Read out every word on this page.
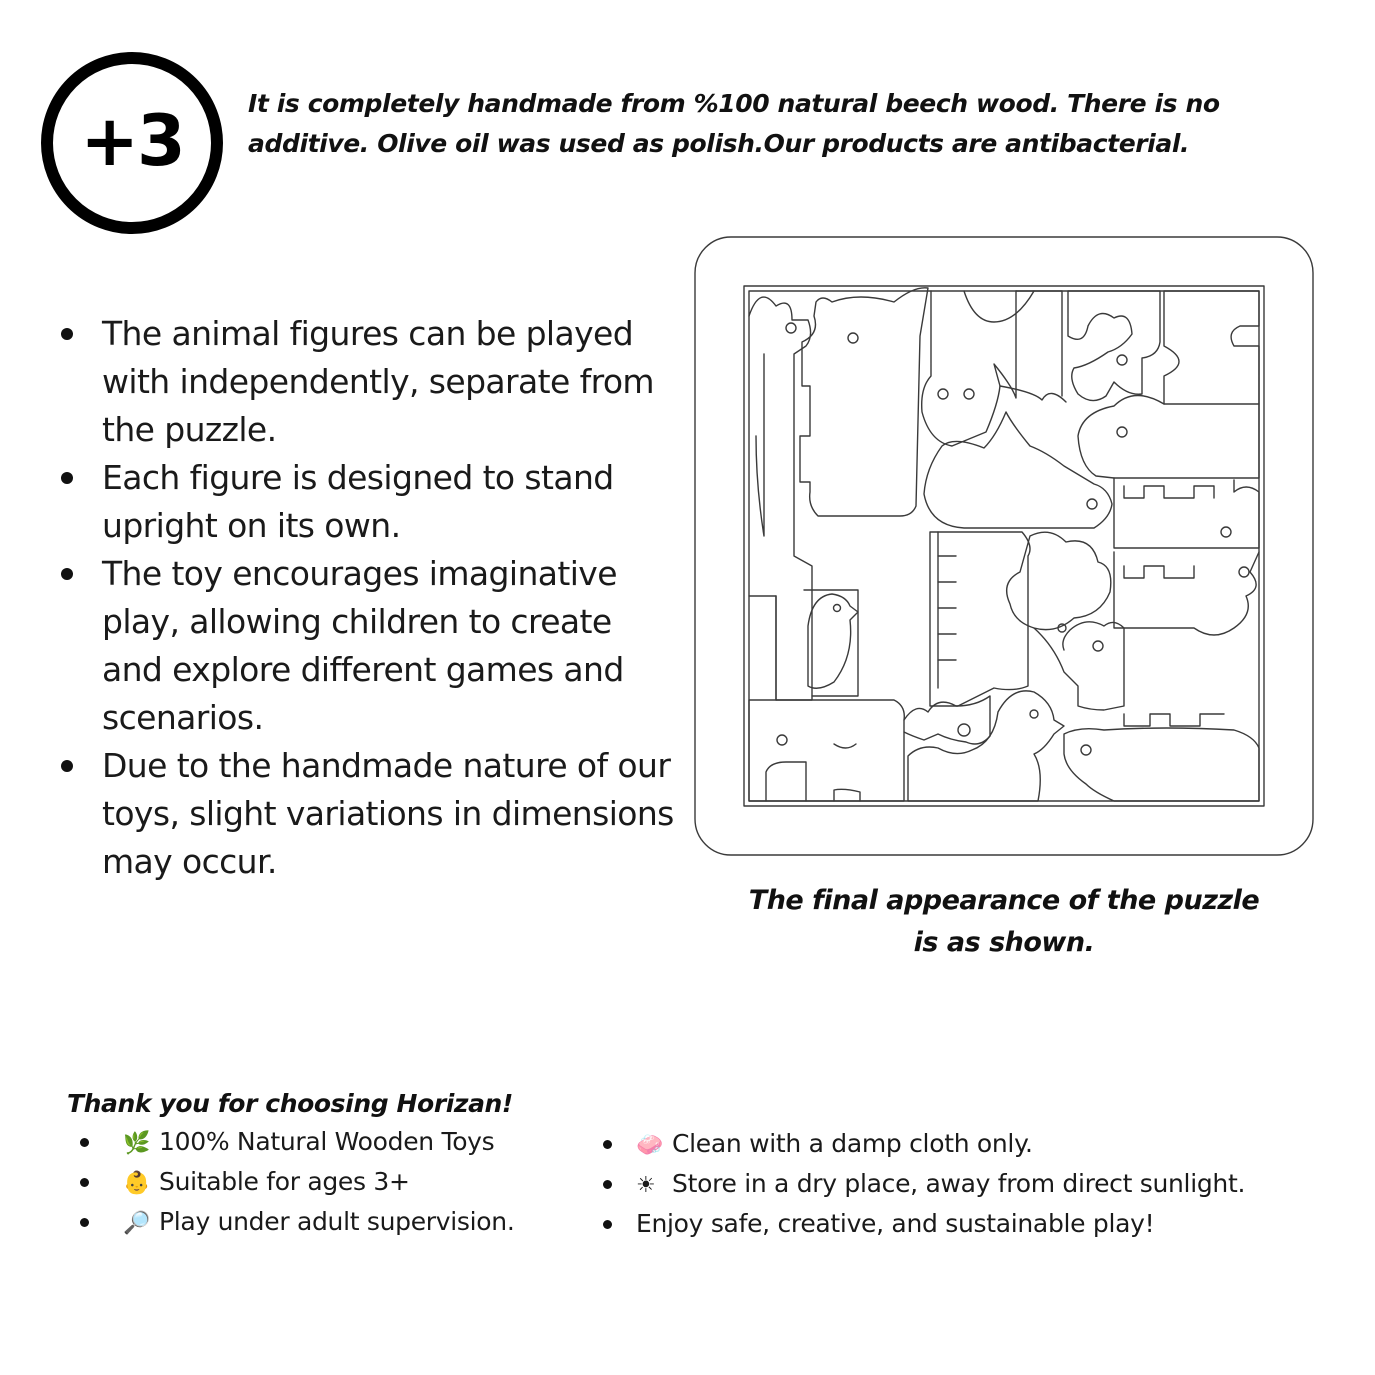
+3	It is completely handmade from %100 natural beech wood. There is no additive. Olive oil was used as polish.Our products are antibacterial.

The animal figures can be played with independently, separate from the puzzle.
Each figure is designed to stand upright on its own.
The toy encourages imaginative play, allowing children to create and explore different games and scenarios.
Due to the handmade nature of our toys, slight variations in dimensions may occur.

The final appearance of the puzzle
is as shown.

Thank you for choosing Horizan!

🌿 100% Natural Wooden Toys
👶 Suitable for ages 3+
🔎 Play under adult supervision.
🧼 Clean with a damp cloth only.
☀ Store in a dry place, away from direct sunlight.
Enjoy safe, creative, and sustainable play!
